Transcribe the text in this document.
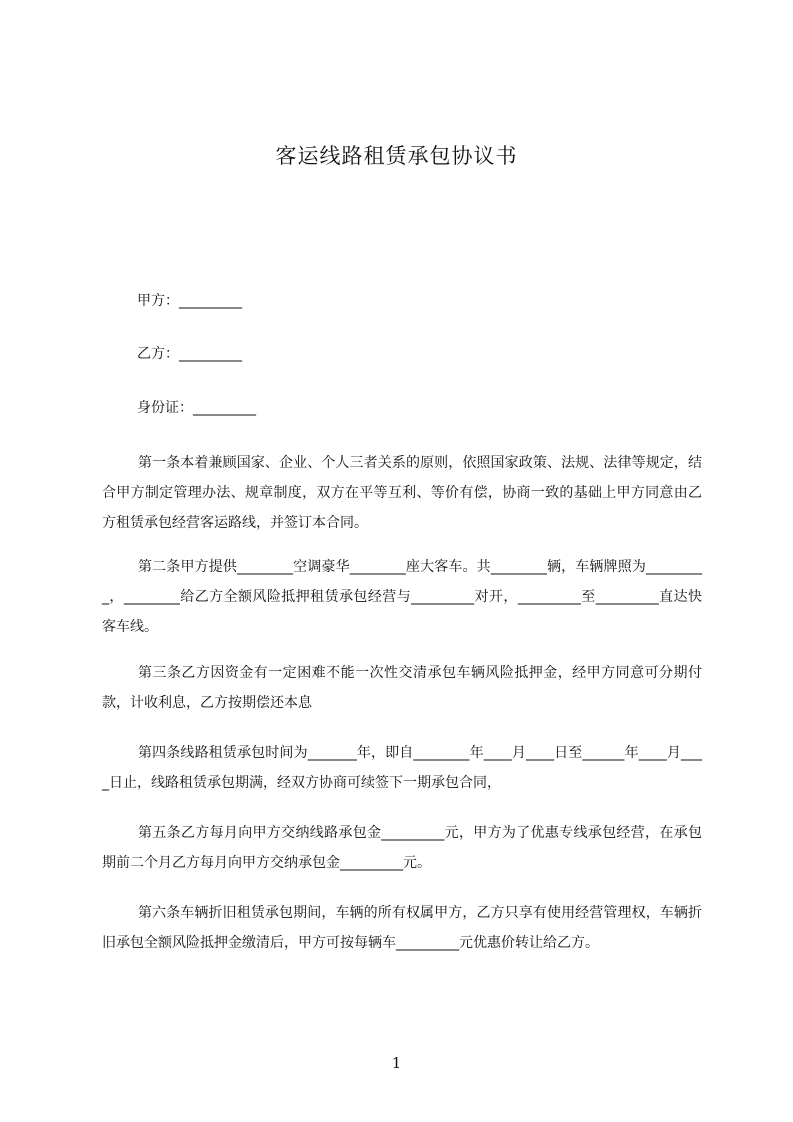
客运线路租赁承包协议书
甲方：_________
乙方：_________
身份证：_________

第一条本着兼顾国家、企业、个人三者关系的原则，依照国家政策、法规、法律等规定，结合甲方制定管理办法、规章制度，双方在平等互利、等价有偿，协商一致的基础上甲方同意由乙方租赁承包经营客运路线，并签订本合同。

第二条甲方提供________空调豪华________座大客车。共________辆，车辆牌照为_________，________给乙方全额风险抵押租赁承包经营与_________对开，_________至_________直达快客车线。

第三条乙方因资金有一定困难不能一次性交清承包车辆风险抵押金，经甲方同意可分期付款，计收利息，乙方按期偿还本息

第四条线路租赁承包时间为_______年，即自________年____月____日至______年____月____日止，线路租赁承包期满，经双方协商可续签下一期承包合同，

第五条乙方每月向甲方交纳线路承包金_________元，甲方为了优惠专线承包经营，在承包期前二个月乙方每月向甲方交纳承包金_________元。

第六条车辆折旧租赁承包期间，车辆的所有权属甲方，乙方只享有使用经营管理权，车辆折旧承包全额风险抵押金缴清后，甲方可按每辆车_________元优惠价转让给乙方。

1
